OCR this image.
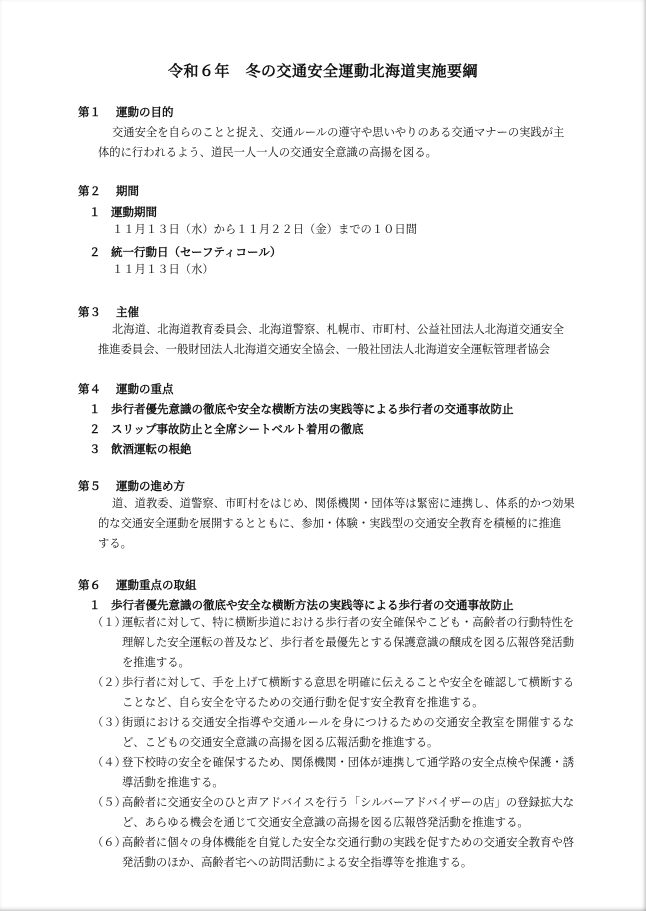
令和６年　冬の交通安全運動北海道実施要綱
第１ 運動の目的
交通安全を自らのことと捉え、交通ルールの遵守や思いやりのある交通マナーの実践が主
体的に行われるよう、道民一人一人の交通安全意識の高揚を図る。
第２ 期間
１ 運動期間
１１月１３日（水）から１１月２２日（金）までの１０日間
２ 統一行動日（セーフティコール）
１１月１３日（水）
第３ 主催
北海道、北海道教育委員会、北海道警察、札幌市、市町村、公益社団法人北海道交通安全
推進委員会、一般財団法人北海道交通安全協会、一般社団法人北海道安全運転管理者協会
第４ 運動の重点
１ 歩行者優先意識の徹底や安全な横断方法の実践等による歩行者の交通事故防止
２ スリップ事故防止と全席シートベルト着用の徹底
３ 飲酒運転の根絶
第５ 運動の進め方
道、道教委、道警察、市町村をはじめ、関係機関・団体等は緊密に連携し、体系的かつ効果
的な交通安全運動を展開するとともに、参加・体験・実践型の交通安全教育を積極的に推進
する。
第６ 運動重点の取組
１ 歩行者優先意識の徹底や安全な横断方法の実践等による歩行者の交通事故防止
（１）
運転者に対して、特に横断歩道における歩行者の安全確保やこども・高齢者の行動特性を理解した安全運転の普及など、歩行者を最優先とする保護意識の醸成を図る広報啓発活動を推進する。
（２）
歩行者に対して、手を上げて横断する意思を明確に伝えることや安全を確認して横断することなど、自ら安全を守るための交通行動を促す安全教育を推進する。
（３）
街頭における交通安全指導や交通ルールを身につけるための交通安全教室を開催するなど、こどもの交通安全意識の高揚を図る広報活動を推進する。
（４）
登下校時の安全を確保するため、関係機関・団体が連携して通学路の安全点検や保護・誘導活動を推進する。
（５）
高齢者に交通安全のひと声アドバイスを行う「シルバーアドバイザーの店」の登録拡大など、あらゆる機会を通じて交通安全意識の高揚を図る広報啓発活動を推進する。
（６）
高齢者に個々の身体機能を自覚した安全な交通行動の実践を促すための交通安全教育や啓発活動のほか、高齢者宅への訪問活動による安全指導等を推進する。
